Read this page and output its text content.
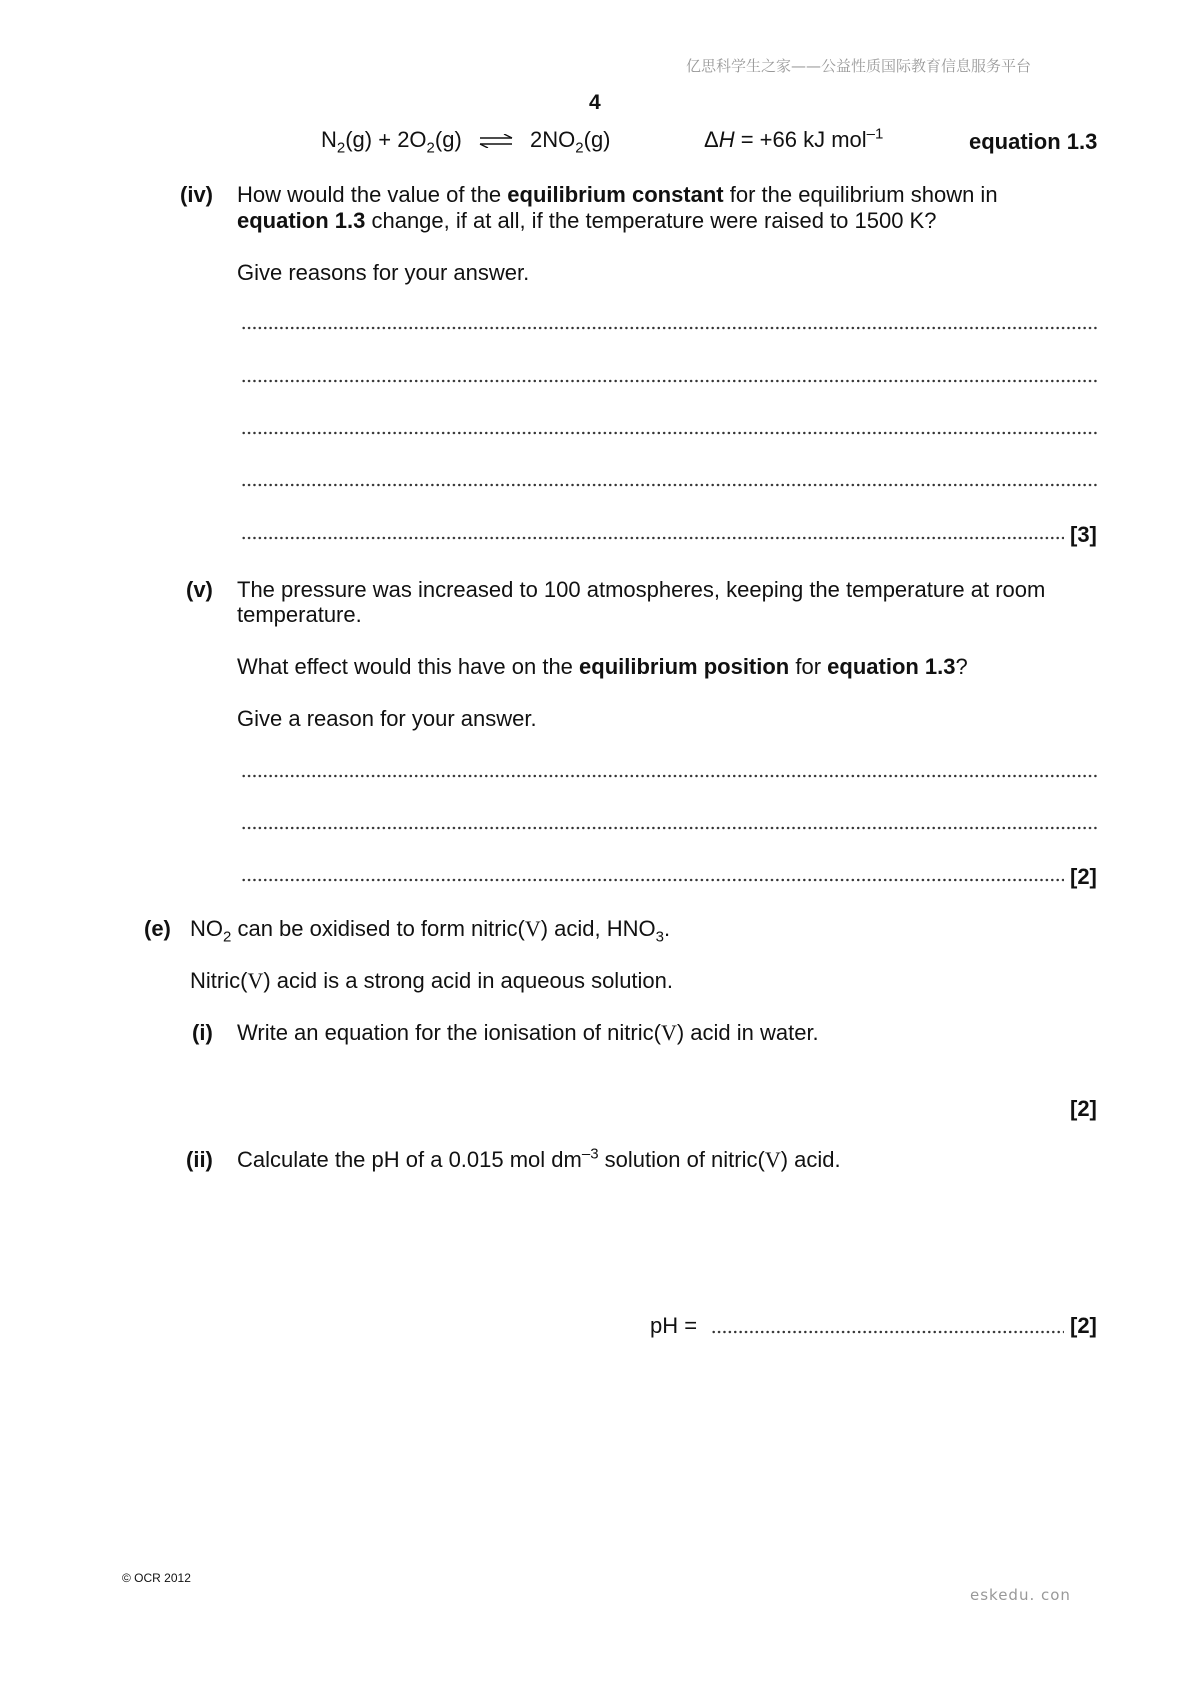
亿思科学生之家——公益性质国际教育信息服务平台
4
$N_2(g) + 2O_2(g)$ ⇌ $2NO_2(g)$	ΔH = +66 kJ mol$^{-1}$	equation 1.3
(iv) How would the value of the equilibrium constant for the equilibrium shown in
equation 1.3 change, if at all, if the temperature were raised to 1500 K?
Give reasons for your answer.
[3]
(v) The pressure was increased to 100 atmospheres, keeping the temperature at room
temperature.
What effect would this have on the equilibrium position for equation 1.3?
Give a reason for your answer.
[2]
(e) $NO_2$ can be oxidised to form nitric(V) acid, $HNO_3$.
Nitric(V) acid is a strong acid in aqueous solution.
(i) Write an equation for the ionisation of nitric(V) acid in water.
[2]
(ii) Calculate the pH of a 0.015 mol $dm^{-3}$ solution of nitric(V) acid.
pH =	[2]
© OCR 2012
eskedu. con
